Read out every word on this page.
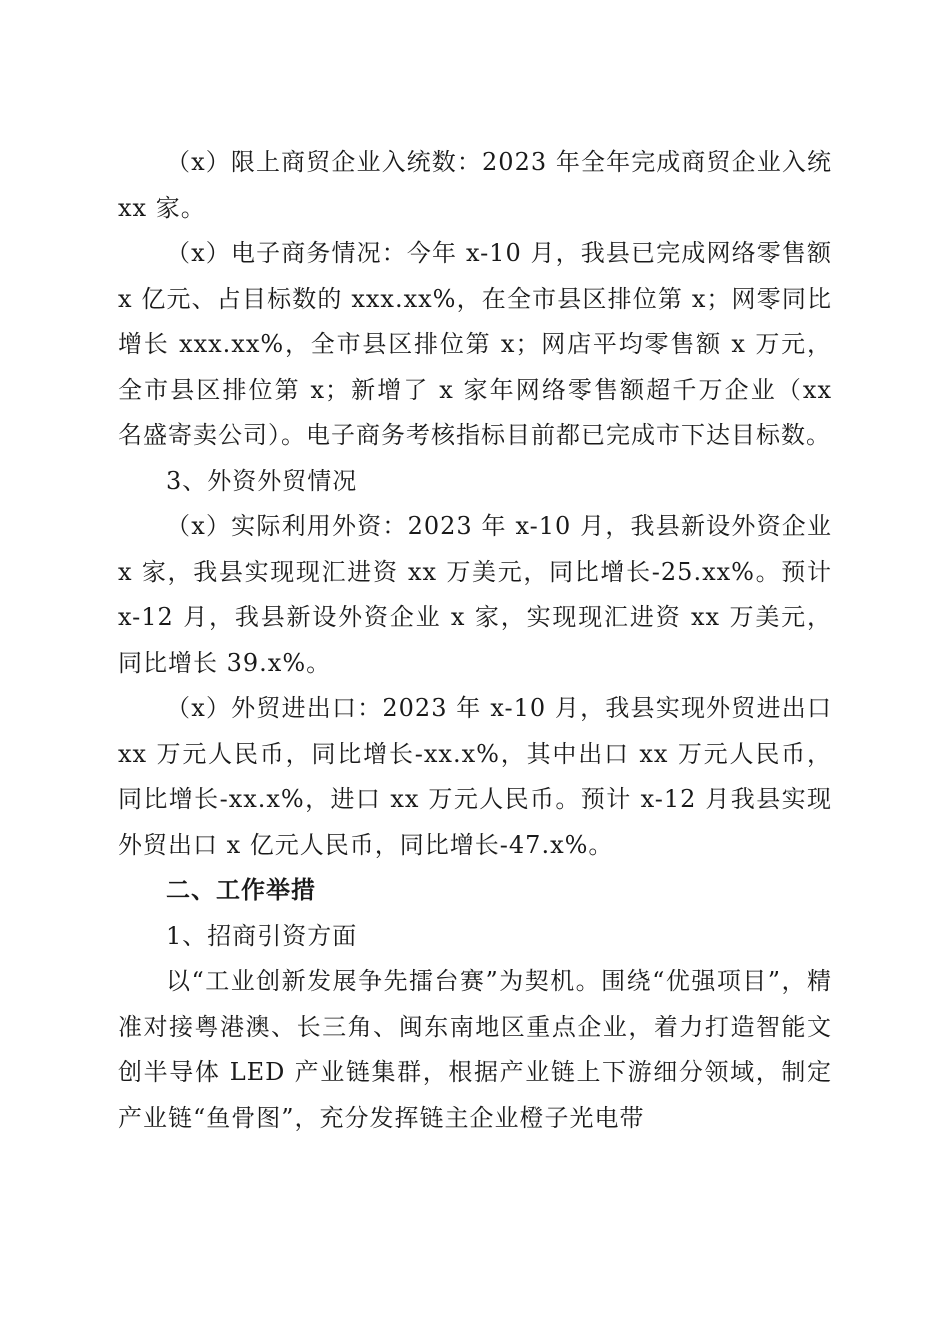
（x）限上商贸企业入统数：2023 年全年完成商贸企业入统 xx 家。

（x）电子商务情况：今年 x-10 月，我县已完成网络零售额 x 亿元、占目标数的 xxx.xx%，在全市县区排位第 x；网零同比增长 xxx.xx%，全市县区排位第 x；网店平均零售额 x 万元，全市县区排位第 x；新增了 x 家年网络零售额超千万企业（xx 名盛寄卖公司）。电子商务考核指标目前都已完成市下达目标数。

3、外资外贸情况

（x）实际利用外资：2023 年 x-10 月，我县新设外资企业 x 家，我县实现现汇进资 xx 万美元，同比增长-25.xx%。预计 x-12 月，我县新设外资企业 x 家，实现现汇进资 xx 万美元，同比增长 39.x%。

（x）外贸进出口：2023 年 x-10 月，我县实现外贸进出口 xx 万元人民币，同比增长-xx.x%，其中出口 xx 万元人民币，同比增长-xx.x%，进口 xx 万元人民币。预计 x-12 月我县实现外贸出口 x 亿元人民币，同比增长-47.x%。

二、工作举措

1、招商引资方面

以“工业创新发展争先擂台赛”为契机。围绕“优强项目”，精准对接粤港澳、长三角、闽东南地区重点企业，着力打造智能文创半导体 LED 产业链集群，根据产业链上下游细分领域，制定产业链“鱼骨图”，充分发挥链主企业橙子光电带
